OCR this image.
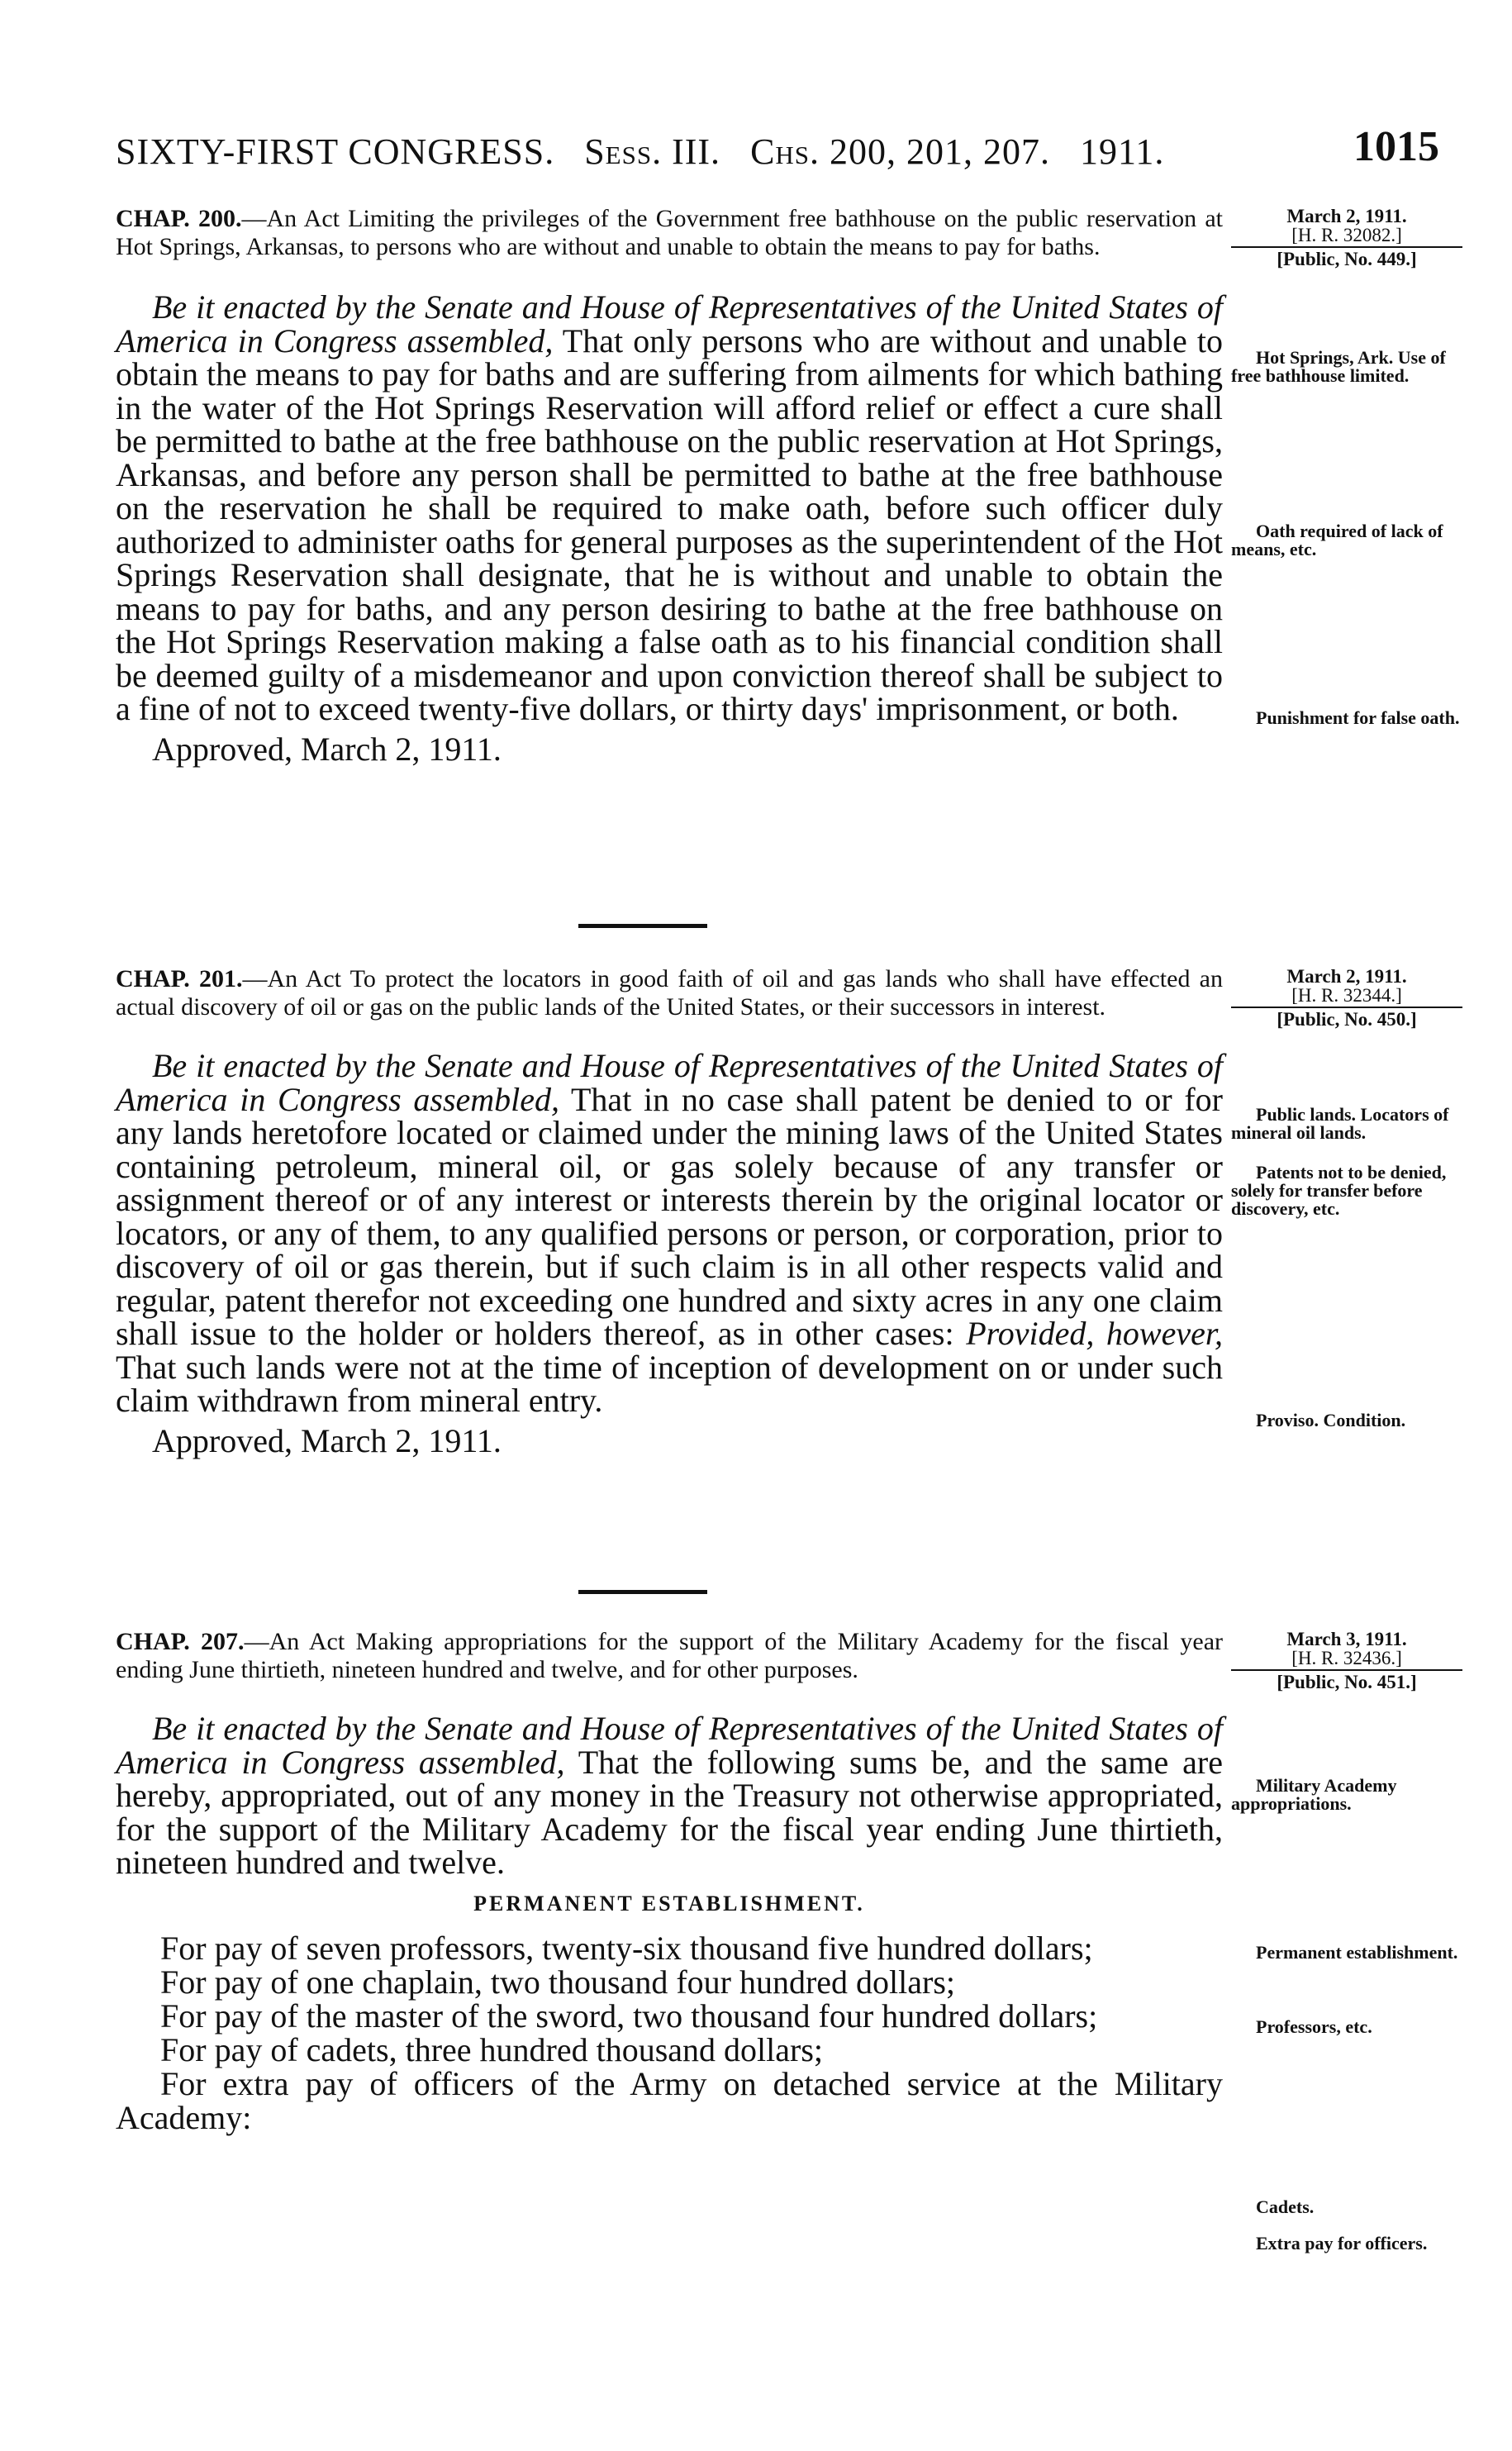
SIXTY-FIRST CONGRESS. Sess. III. Chs. 200, 201, 207. 1911.	1015
CHAP. 200.—An Act Limiting the privileges of the Government free bathhouse on the public reservation at Hot Springs, Arkansas, to persons who are without and unable to obtain the means to pay for baths.

Be it enacted by the Senate and House of Representatives of the United States of America in Congress assembled, That only persons who are without and unable to obtain the means to pay for baths and are suffering from ailments for which bathing in the water of the Hot Springs Reservation will afford relief or effect a cure shall be permitted to bathe at the free bathhouse on the public reservation at Hot Springs, Arkansas, and before any person shall be permitted to bathe at the free bathhouse on the reservation he shall be required to make oath, before such officer duly authorized to administer oaths for general purposes as the superintendent of the Hot Springs Reservation shall designate, that he is without and unable to obtain the means to pay for baths, and any person desiring to bathe at the free bathhouse on the Hot Springs Reservation making a false oath as to his financial condition shall be deemed guilty of a misdemeanor and upon conviction thereof shall be subject to a fine of not to exceed twenty-five dollars, or thirty days' imprisonment, or both.

Approved, March 2, 1911.
March 2, 1911.
[H. R. 32082.]
[Public, No. 449.]
Hot Springs, Ark. Use of free bathhouse limited.
Oath required of lack of means, etc.
Punishment for false oath.
CHAP. 201.—An Act To protect the locators in good faith of oil and gas lands who shall have effected an actual discovery of oil or gas on the public lands of the United States, or their successors in interest.

Be it enacted by the Senate and House of Representatives of the United States of America in Congress assembled, That in no case shall patent be denied to or for any lands heretofore located or claimed under the mining laws of the United States containing petroleum, mineral oil, or gas solely because of any transfer or assignment thereof or of any interest or interests therein by the original locator or locators, or any of them, to any qualified persons or person, or corporation, prior to discovery of oil or gas therein, but if such claim is in all other respects valid and regular, patent therefor not exceeding one hundred and sixty acres in any one claim shall issue to the holder or holders thereof, as in other cases: Provided, however, That such lands were not at the time of inception of development on or under such claim withdrawn from mineral entry.

Approved, March 2, 1911.
March 2, 1911.
[H. R. 32344.]
[Public, No. 450.]
Public lands. Locators of mineral oil lands.
Patents not to be denied, solely for transfer before discovery, etc.
Proviso. Condition.
CHAP. 207.—An Act Making appropriations for the support of the Military Academy for the fiscal year ending June thirtieth, nineteen hundred and twelve, and for other purposes.

Be it enacted by the Senate and House of Representatives of the United States of America in Congress assembled, That the following sums be, and the same are hereby, appropriated, out of any money in the Treasury not otherwise appropriated, for the support of the Military Academy for the fiscal year ending June thirtieth, nineteen hundred and twelve.

PERMANENT ESTABLISHMENT.

For pay of seven professors, twenty-six thousand five hundred dollars;

For pay of one chaplain, two thousand four hundred dollars;

For pay of the master of the sword, two thousand four hundred dollars;

For pay of cadets, three hundred thousand dollars;

For extra pay of officers of the Army on detached service at the Military Academy:

March 3, 1911.
[H. R. 32436.]
[Public, No. 451.]
Military Academy appropriations.
Permanent establishment.
Professors, etc.
Cadets.
Extra pay for officers.
